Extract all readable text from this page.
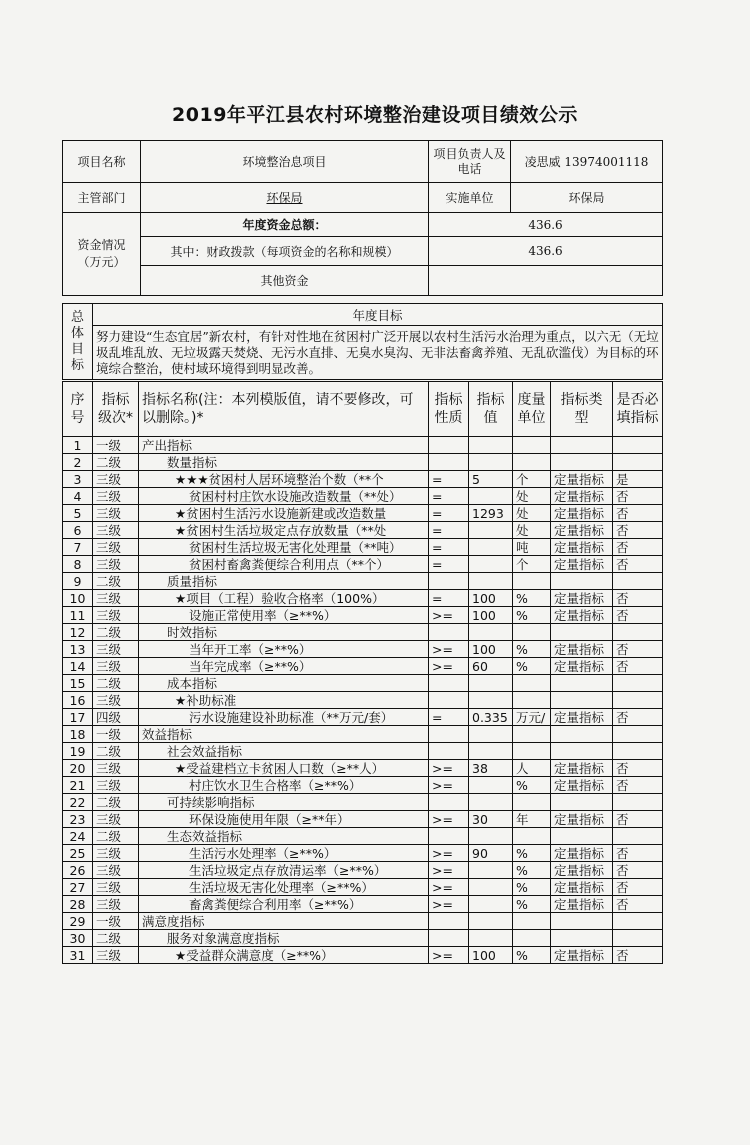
2019年平江县农村环境整治建设项目绩效公示
项目名称	环境整治息项目	项目负责人及电话	凌思威 13974001118
主管部门	环保局	实施单位	环保局
资金情况（万元）	年度资金总额：	436.6	
	其中：财政拨款（每项资金的名称和规模）	436.6	
	其他资金		
总体目标	年度目标
努力建设“生态宜居”新农村，有针对性地在贫困村广泛开展以农村生活污水治理为重点，以六无（无垃圾乱堆乱放、无垃圾露天焚烧、无污水直排、无臭水臭沟、无非法畜禽养殖、无乱砍滥伐）为目标的环境综合整治，使村域环境得到明显改善。
序号	指标级次*	指标名称(注：本列模版值，请不要修改，可以删除。)*	指标性质	指标值	度量单位	指标类型	是否必填指标
1	一级	产出指标					
2	二级	数量指标					
3	三级	★★★贫困村人居环境整治个数（**个	=	5	个	定量指标	是
4	三级	贫困村村庄饮水设施改造数量（**处）	=		处	定量指标	否
5	三级	★贫困村生活污水设施新建或改造数量	=	1293	处	定量指标	否
6	三级	★贫困村生活垃圾定点存放数量（**处	=		处	定量指标	否
7	三级	贫困村生活垃圾无害化处理量（**吨）	=		吨	定量指标	否
8	三级	贫困村畜禽粪便综合利用点（**个）	=		个	定量指标	否
9	二级	质量指标					
10	三级	★项目（工程）验收合格率（100%）	=	100	%	定量指标	否
11	三级	设施正常使用率（≥**%）	>=	100	%	定量指标	否
12	二级	时效指标					
13	三级	当年开工率（≥**%）	>=	100	%	定量指标	否
14	三级	当年完成率（≥**%）	>=	60	%	定量指标	否
15	二级	成本指标					
16	三级	★补助标准					
17	四级	污水设施建设补助标准（**万元/套）	=	0.335	万元/	定量指标	否
18	一级	效益指标					
19	二级	社会效益指标					
20	三级	★受益建档立卡贫困人口数（≥**人）	>=	38	人	定量指标	否
21	三级	村庄饮水卫生合格率（≥**%）	>=		%	定量指标	否
22	二级	可持续影响指标					
23	三级	环保设施使用年限（≥**年）	>=	30	年	定量指标	否
24	二级	生态效益指标					
25	三级	生活污水处理率（≥**%）	>=	90	%	定量指标	否
26	三级	生活垃圾定点存放清运率（≥**%）	>=		%	定量指标	否
27	三级	生活垃圾无害化处理率（≥**%）	>=		%	定量指标	否
28	三级	畜禽粪便综合利用率（≥**%）	>=		%	定量指标	否
29	一级	满意度指标					
30	二级	服务对象满意度指标					
31	三级	★受益群众满意度（≥**%）	>=	100	%	定量指标	否
